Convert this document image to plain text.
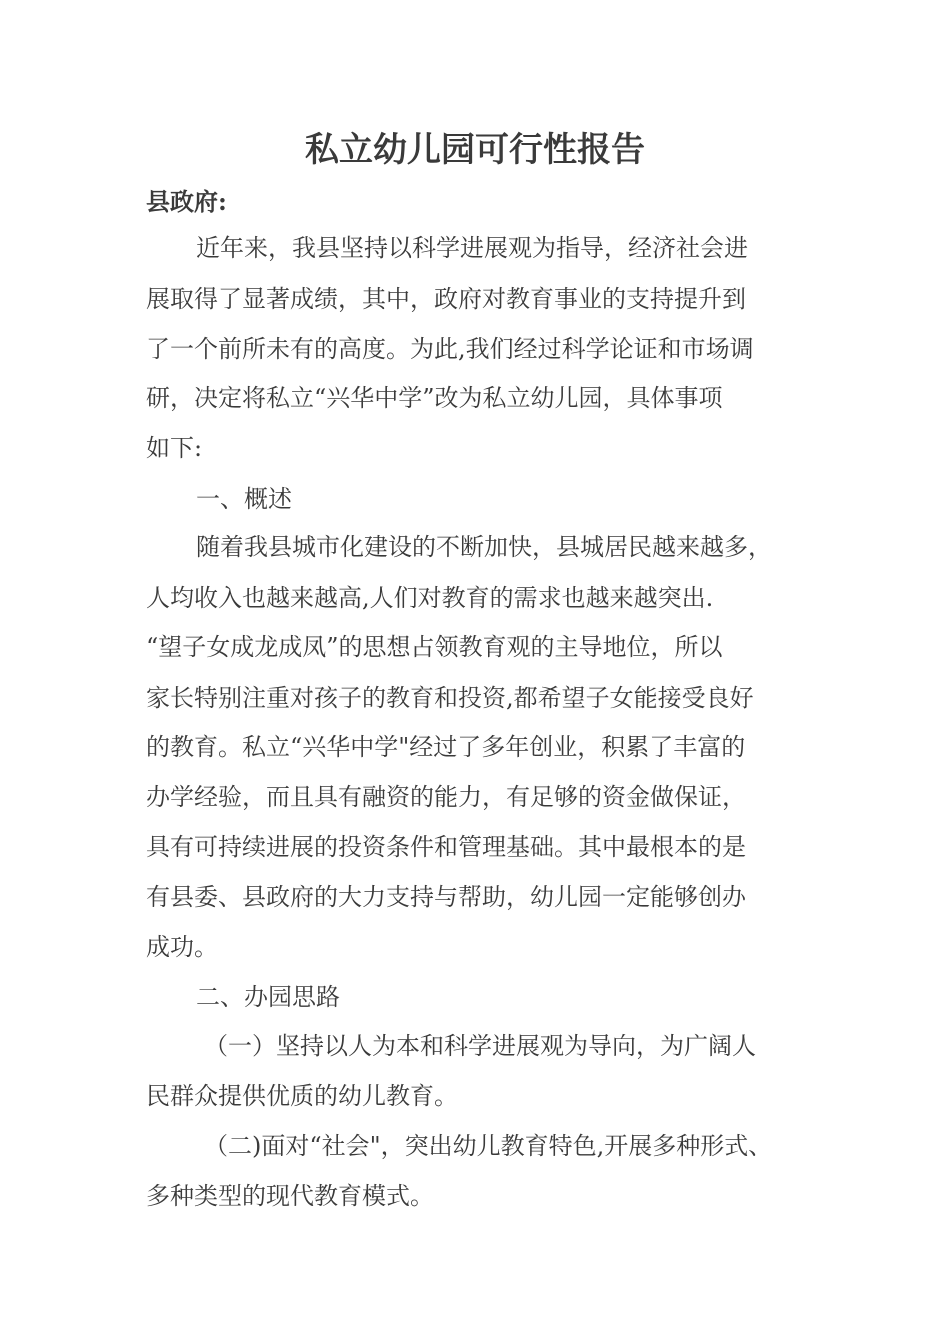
私立幼儿园可行性报告
县政府:
近年来，我县坚持以科学进展观为指导，经济社会进
展取得了显著成绩，其中，政府对教育事业的支持提升到
了一个前所未有的高度。为此,我们经过科学论证和市场调
研，决定将私立“兴华中学”改为私立幼儿园，具体事项
如下:
一、概述
随着我县城市化建设的不断加快，县城居民越来越多，
人均收入也越来越高,人们对教育的需求也越来越突出.
“望子女成龙成凤”的思想占领教育观的主导地位，所以
家长特别注重对孩子的教育和投资,都希望子女能接受良好
的教育。私立“兴华中学"经过了多年创业，积累了丰富的
办学经验，而且具有融资的能力，有足够的资金做保证，
具有可持续进展的投资条件和管理基础。其中最根本的是
有县委、县政府的大力支持与帮助，幼儿园一定能够创办
成功。
二、办园思路
（一）坚持以人为本和科学进展观为导向，为广阔人
民群众提供优质的幼儿教育。
（二)面对“社会"，突出幼儿教育特色,开展多种形式、
多种类型的现代教育模式。
